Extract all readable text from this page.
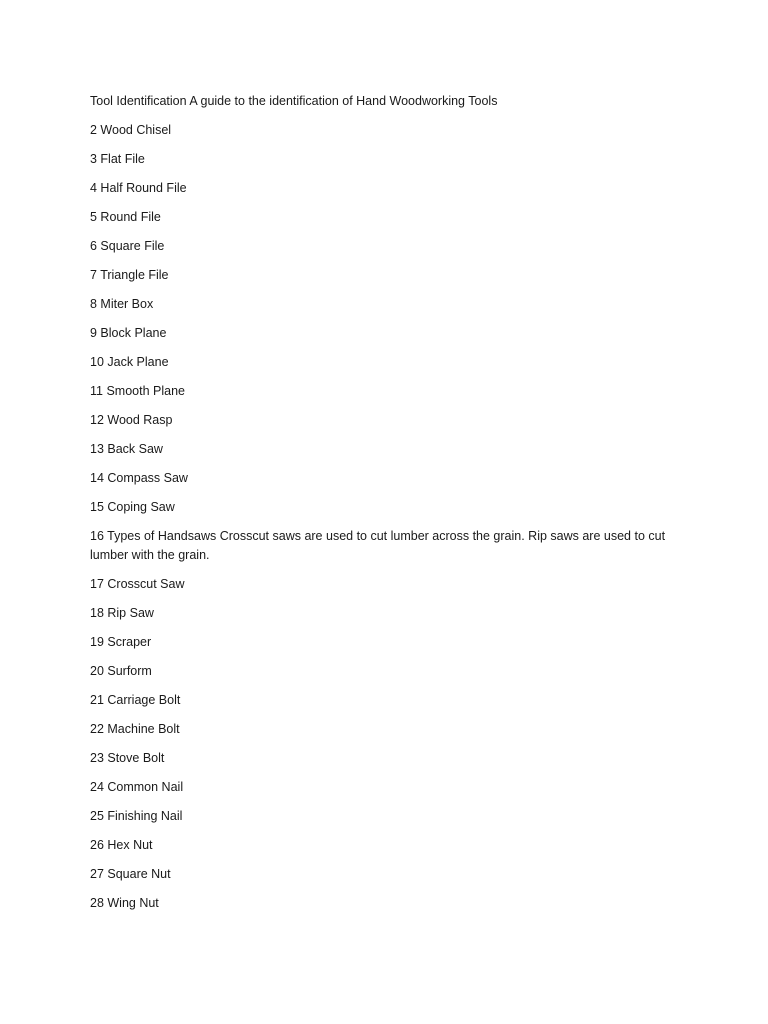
Tool Identification A guide to the identification of Hand Woodworking Tools

2 Wood Chisel

3 Flat File

4 Half Round File

5 Round File

6 Square File

7 Triangle File

8 Miter Box

9 Block Plane

10 Jack Plane

11 Smooth Plane

12 Wood Rasp

13 Back Saw

14 Compass Saw

15 Coping Saw

16 Types of Handsaws Crosscut saws are used to cut lumber across the grain. Rip saws are used to cut lumber with the grain.

17 Crosscut Saw

18 Rip Saw

19 Scraper

20 Surform

21 Carriage Bolt

22 Machine Bolt

23 Stove Bolt

24 Common Nail

25 Finishing Nail

26 Hex Nut

27 Square Nut

28 Wing Nut
